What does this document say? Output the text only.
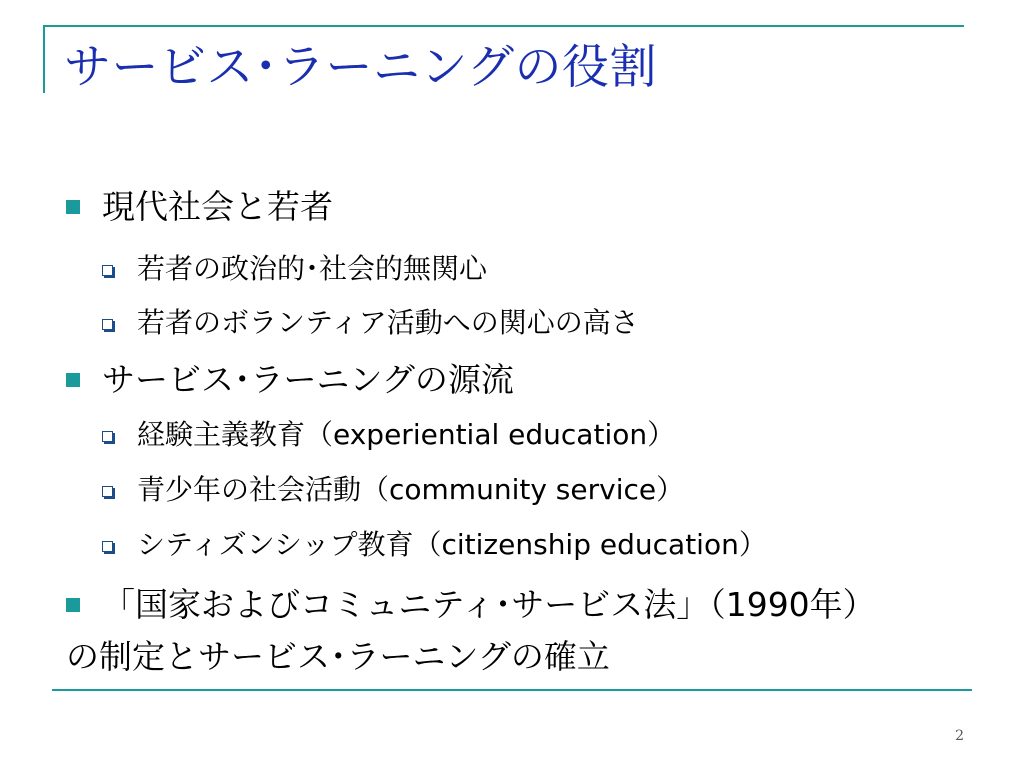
サービス･ラーニングの役割
現代社会と若者
若者の政治的･社会的無関心
若者のボランティア活動への関心の高さ
サービス･ラーニングの源流
経験主義教育（experiential education）
青少年の社会活動（community service）
シティズンシップ教育（citizenship education）
「国家およびコミュニティ･サービス法」（1990年）
の制定とサービス･ラーニングの確立
2
